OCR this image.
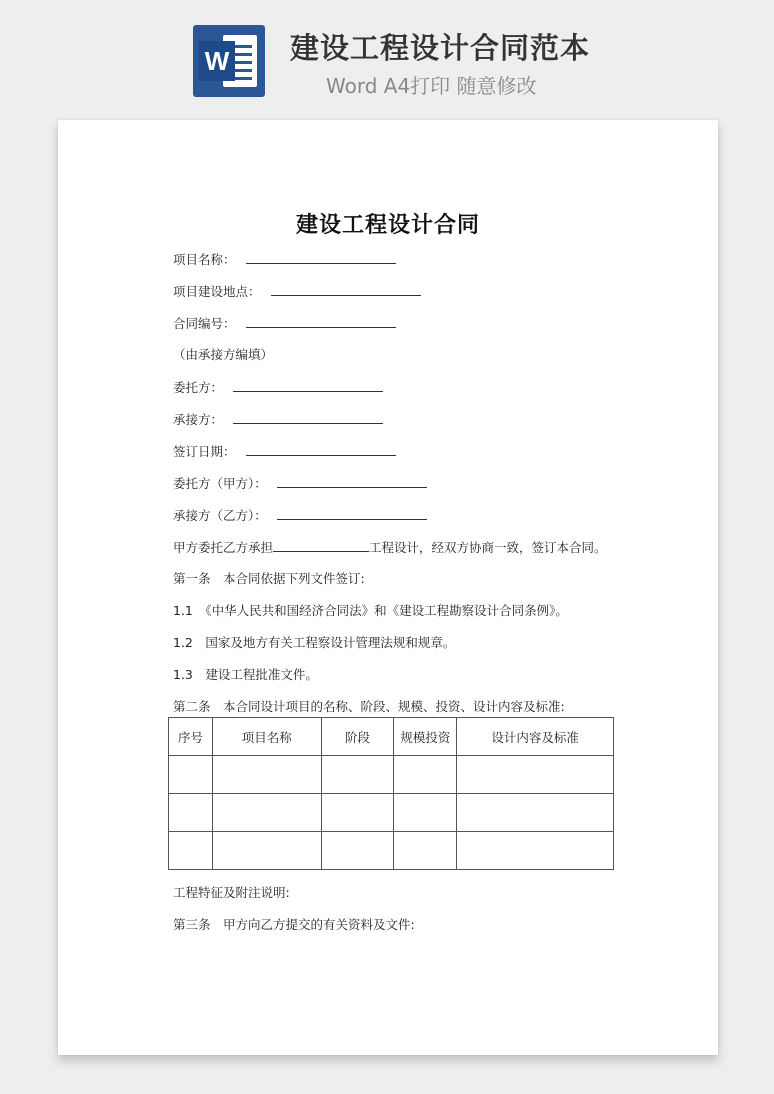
W 建设工程设计合同范本
Word A4打印 随意修改
建设工程设计合同
项目名称：
项目建设地点：
合同编号：
（由承接方编填）
委托方：
承接方：
签订日期：
委托方（甲方）：
承接方（乙方）：
甲方委托乙方承担	工程设计，经双方协商一致，签订本合同。
第一条　本合同依据下列文件签订:
1.1　《中华人民共和国经济合同法》和《建设工程勘察设计合同条例》。
1.2　国家及地方有关工程察设计管理法规和规章。
1.3　建设工程批准文件。
第二条　本合同设计项目的名称、阶段、规模、投资、设计内容及标准:
序号	项目名称	阶段	规模投资	设计内容及标准

工程特征及附注说明:
第三条　甲方向乙方提交的有关资料及文件:
